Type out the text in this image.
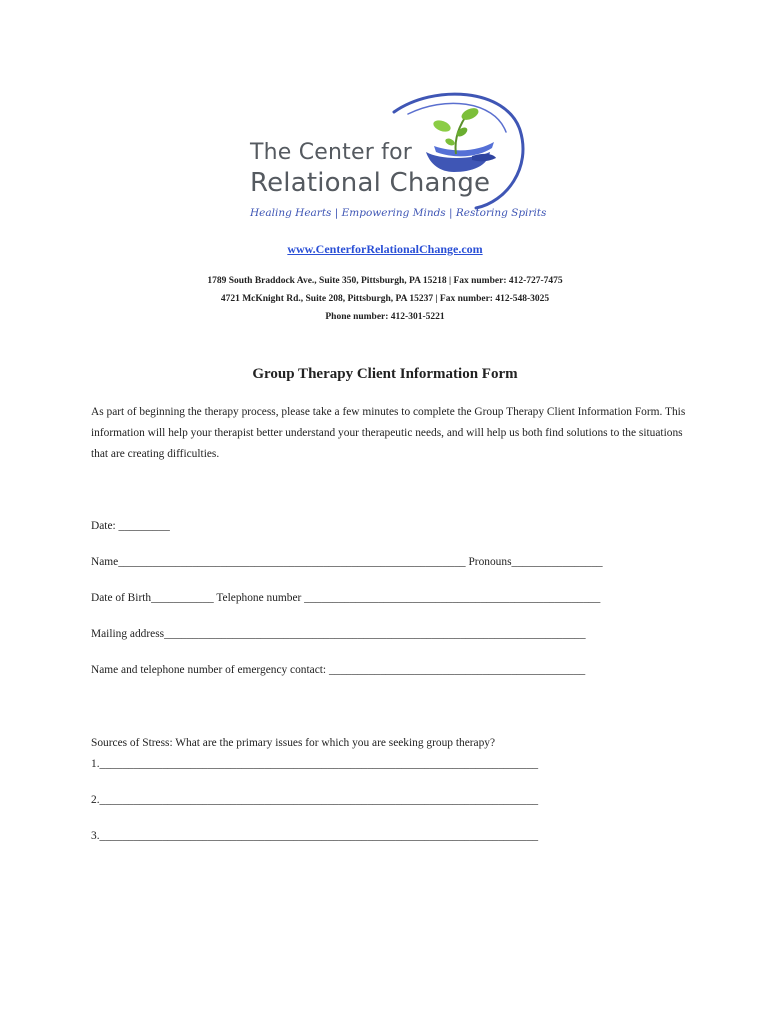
The Center for
Relational Change
Healing Hearts | Empowering Minds | Restoring Spirits
www.CenterforRelationalChange.com
1789 South Braddock Ave., Suite 350, Pittsburgh, PA 15218 | Fax number: 412-727-7475
4721 McKnight Rd., Suite 208, Pittsburgh, PA 15237 | Fax number: 412-548-3025
Phone number: 412-301-5221
Group Therapy Client Information Form
As part of beginning the therapy process, please take a few minutes to complete the Group Therapy Client Information Form. This information will help your therapist better understand your therapeutic needs, and will help us both find solutions to the situations that are creating difficulties.
Date: _________
Name_____________________________________________________________ Pronouns________________
Date of Birth___________ Telephone number ____________________________________________________
Mailing address__________________________________________________________________________
Name and telephone number of emergency contact: _____________________________________________
Sources of Stress: What are the primary issues for which you are seeking group therapy?
1._____________________________________________________________________________
2._____________________________________________________________________________
3._____________________________________________________________________________
